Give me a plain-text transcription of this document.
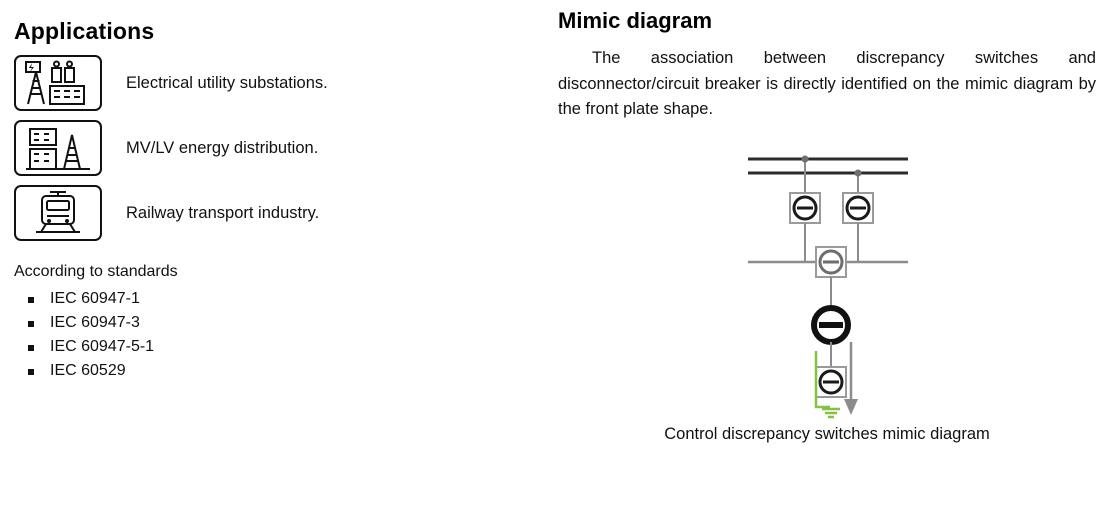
Applications
Electrical utility substations.
MV/LV energy distribution.
Railway transport industry.
According to standards
IEC 60947-1
IEC 60947-3
IEC 60947-5-1
IEC 60529
Mimic diagram

The association between discrepancy switches and disconnector/circuit breaker is directly identified on the mimic diagram by the front plate shape.

Control discrepancy switches mimic diagram
